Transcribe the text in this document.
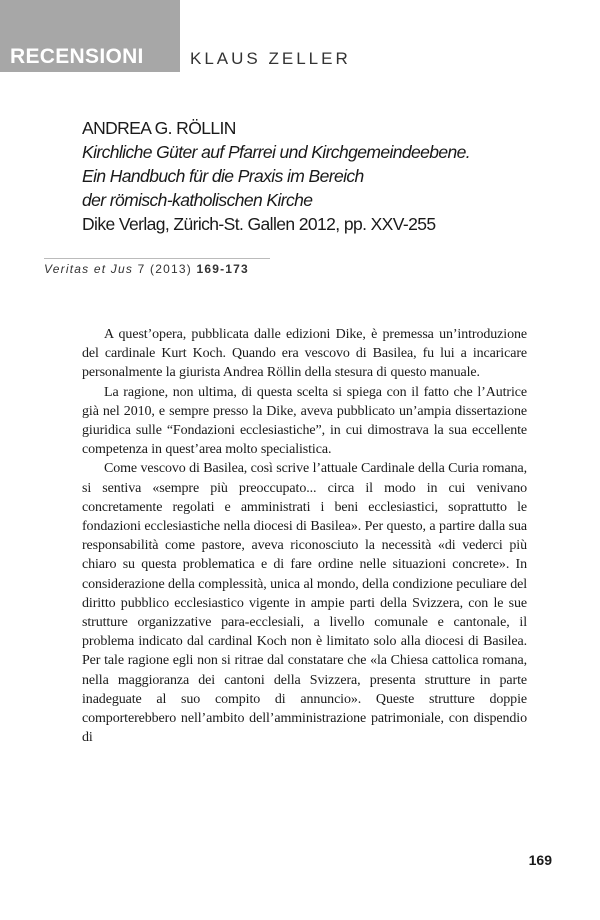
RECENSIONI	KLAUS ZELLER
ANDREA G. RÖLLIN
Kirchliche Güter auf Pfarrei und Kirchgemeindeebene.
Ein Handbuch für die Praxis im Bereich
der römisch-katholischen Kirche
Dike Verlag, Zürich-St. Gallen 2012, pp. XXV-255
Veritas et Jus 7 (2013) 169-173

A quest’opera, pubblicata dalle edizioni Dike, è premessa un’introduzione del cardinale Kurt Koch. Quando era vescovo di Basilea, fu lui a incaricare personalmente la giurista Andrea Röllin della stesura di questo manuale.

La ragione, non ultima, di questa scelta si spiega con il fatto che l’Autrice già nel 2010, e sempre presso la Dike, aveva pubblicato un’ampia dissertazione giuridica sulle “Fondazioni ecclesiastiche”, in cui dimostrava la sua eccellente competenza in quest’area molto specialistica.

Come vescovo di Basilea, così scrive l’attuale Cardinale della Curia romana, si sentiva «sempre più preoccupato... circa il modo in cui venivano concretamente regolati e amministrati i beni ecclesiastici, soprattutto le fondazioni ecclesiastiche nella diocesi di Basilea». Per questo, a partire dalla sua responsabilità come pastore, aveva riconosciuto la necessità «di vederci più chiaro su questa problematica e di fare ordine nelle situazioni concrete». In considerazione della complessità, unica al mondo, della condizione peculiare del diritto pubblico ecclesiastico vigente in ampie parti della Svizzera, con le sue strutture organizzative para-ecclesiali, a livello comunale e cantonale, il problema indicato dal cardinal Koch non è limitato solo alla diocesi di Basilea. Per tale ragione egli non si ritrae dal constatare che «la Chiesa cattolica romana, nella maggioranza dei cantoni della Svizzera, presenta strutture in parte inadeguate al suo compito di annuncio». Queste strutture doppie comporterebbero nell’ambito dell’amministrazione patrimoniale, con dispendio di

169
